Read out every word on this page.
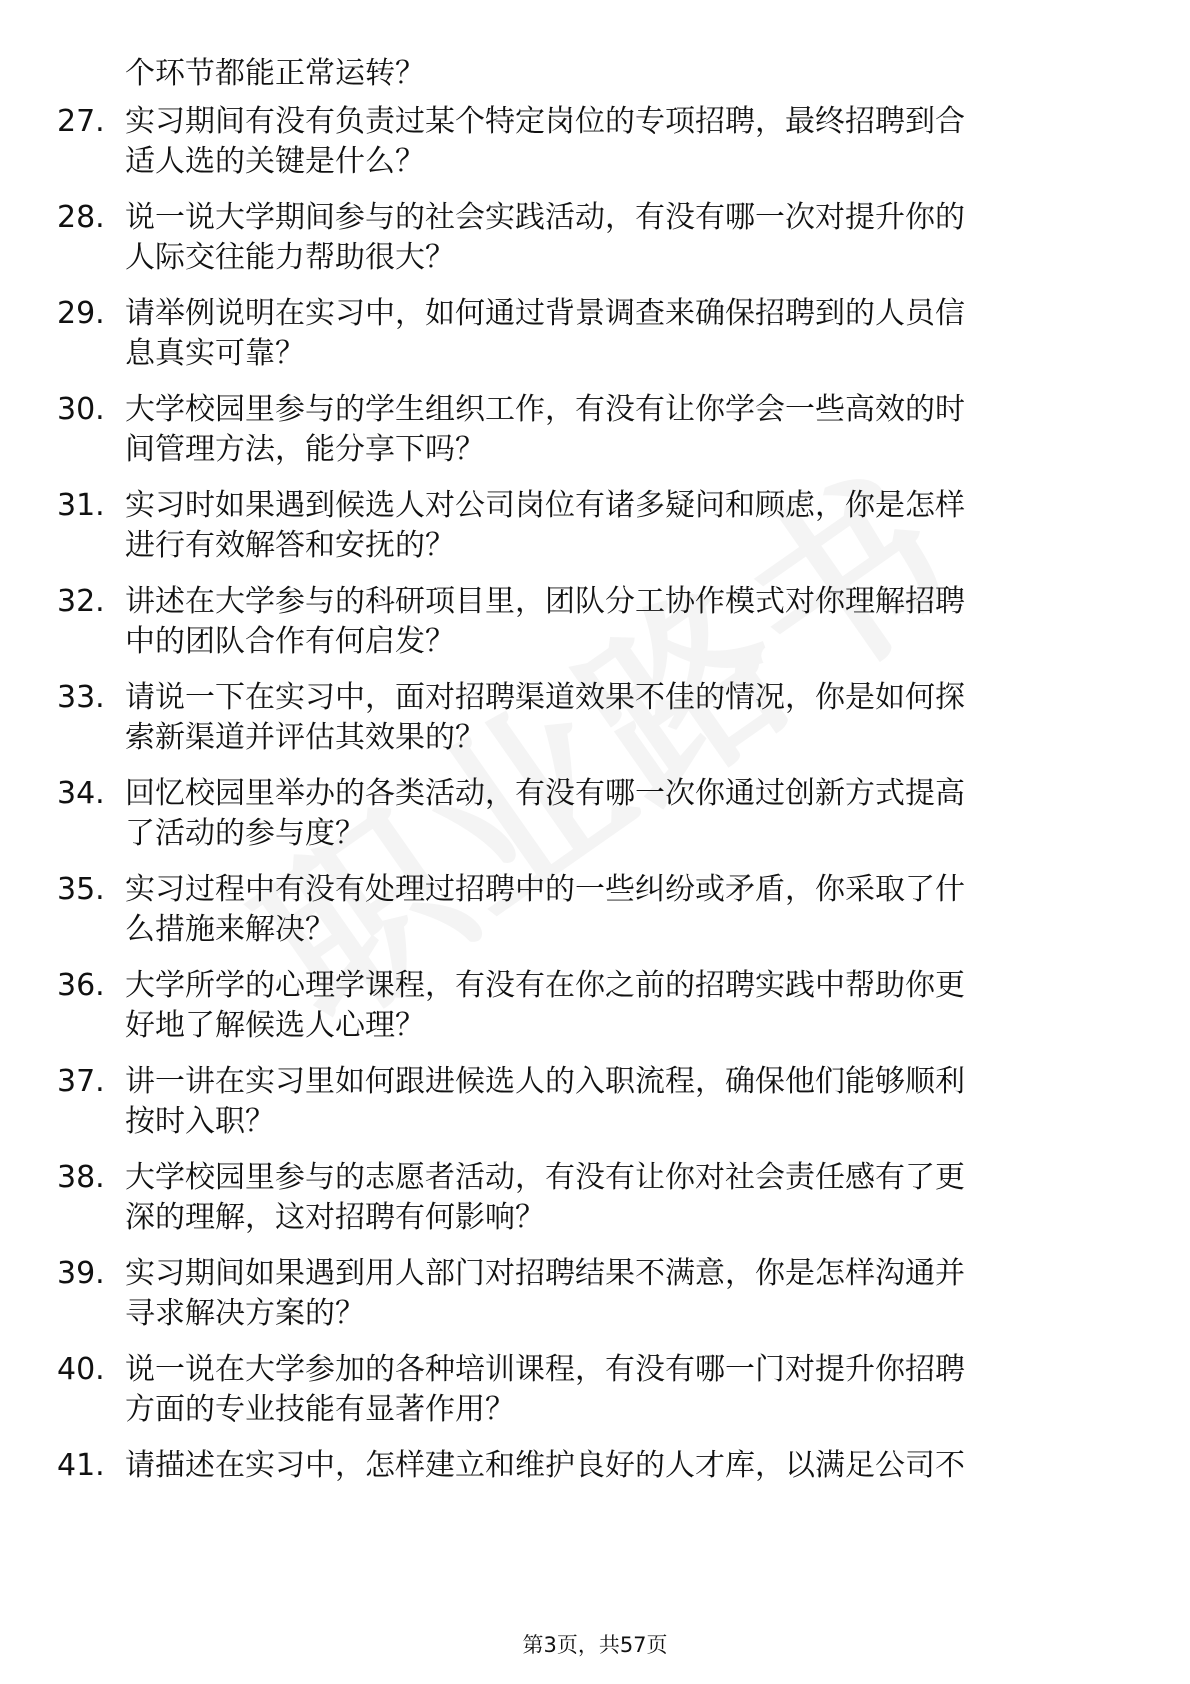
个环节都能正常运转？
27. 实习期间有没有负责过某个特定岗位的专项招聘，最终招聘到合
适人选的关键是什么？
28. 说一说大学期间参与的社会实践活动，有没有哪一次对提升你的
人际交往能力帮助很大？
29. 请举例说明在实习中，如何通过背景调查来确保招聘到的人员信
息真实可靠？
30. 大学校园里参与的学生组织工作，有没有让你学会一些高效的时
间管理方法，能分享下吗？
31. 实习时如果遇到候选人对公司岗位有诸多疑问和顾虑，你是怎样
进行有效解答和安抚的？
32. 讲述在大学参与的科研项目里，团队分工协作模式对你理解招聘
中的团队合作有何启发？
33. 请说一下在实习中，面对招聘渠道效果不佳的情况，你是如何探
索新渠道并评估其效果的？
34. 回忆校园里举办的各类活动，有没有哪一次你通过创新方式提高
了活动的参与度？
35. 实习过程中有没有处理过招聘中的一些纠纷或矛盾，你采取了什
么措施来解决？
36. 大学所学的心理学课程，有没有在你之前的招聘实践中帮助你更
好地了解候选人心理？
37. 讲一讲在实习里如何跟进候选人的入职流程，确保他们能够顺利
按时入职？
38. 大学校园里参与的志愿者活动，有没有让你对社会责任感有了更
深的理解，这对招聘有何影响？
39. 实习期间如果遇到用人部门对招聘结果不满意，你是怎样沟通并
寻求解决方案的？
40. 说一说在大学参加的各种培训课程，有没有哪一门对提升你招聘
方面的专业技能有显著作用？
41. 请描述在实习中，怎样建立和维护良好的人才库，以满足公司不
第3页，共57页
